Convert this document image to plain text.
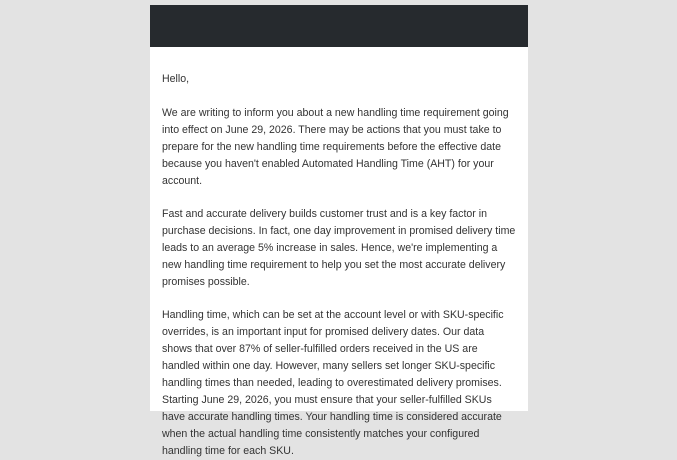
Hello,

We are writing to inform you about a new handling time requirement going into effect on June 29, 2026. There may be actions that you must take to prepare for the new handling time requirements before the effective date because you haven't enabled Automated Handling Time (AHT) for your account.

Fast and accurate delivery builds customer trust and is a key factor in purchase decisions. In fact, one day improvement in promised delivery time leads to an average 5% increase in sales. Hence, we're implementing a new handling time requirement to help you set the most accurate delivery promises possible.

Handling time, which can be set at the account level or with SKU-specific overrides, is an important input for promised delivery dates. Our data shows that over 87% of seller-fulfilled orders received in the US are handled within one day. However, many sellers set longer SKU-specific handling times than needed, leading to overestimated delivery promises.

Starting June 29, 2026, you must ensure that your seller-fulfilled SKUs have accurate handling times. Your handling time is considered accurate when the actual handling time consistently matches your configured handling time for each SKU.
